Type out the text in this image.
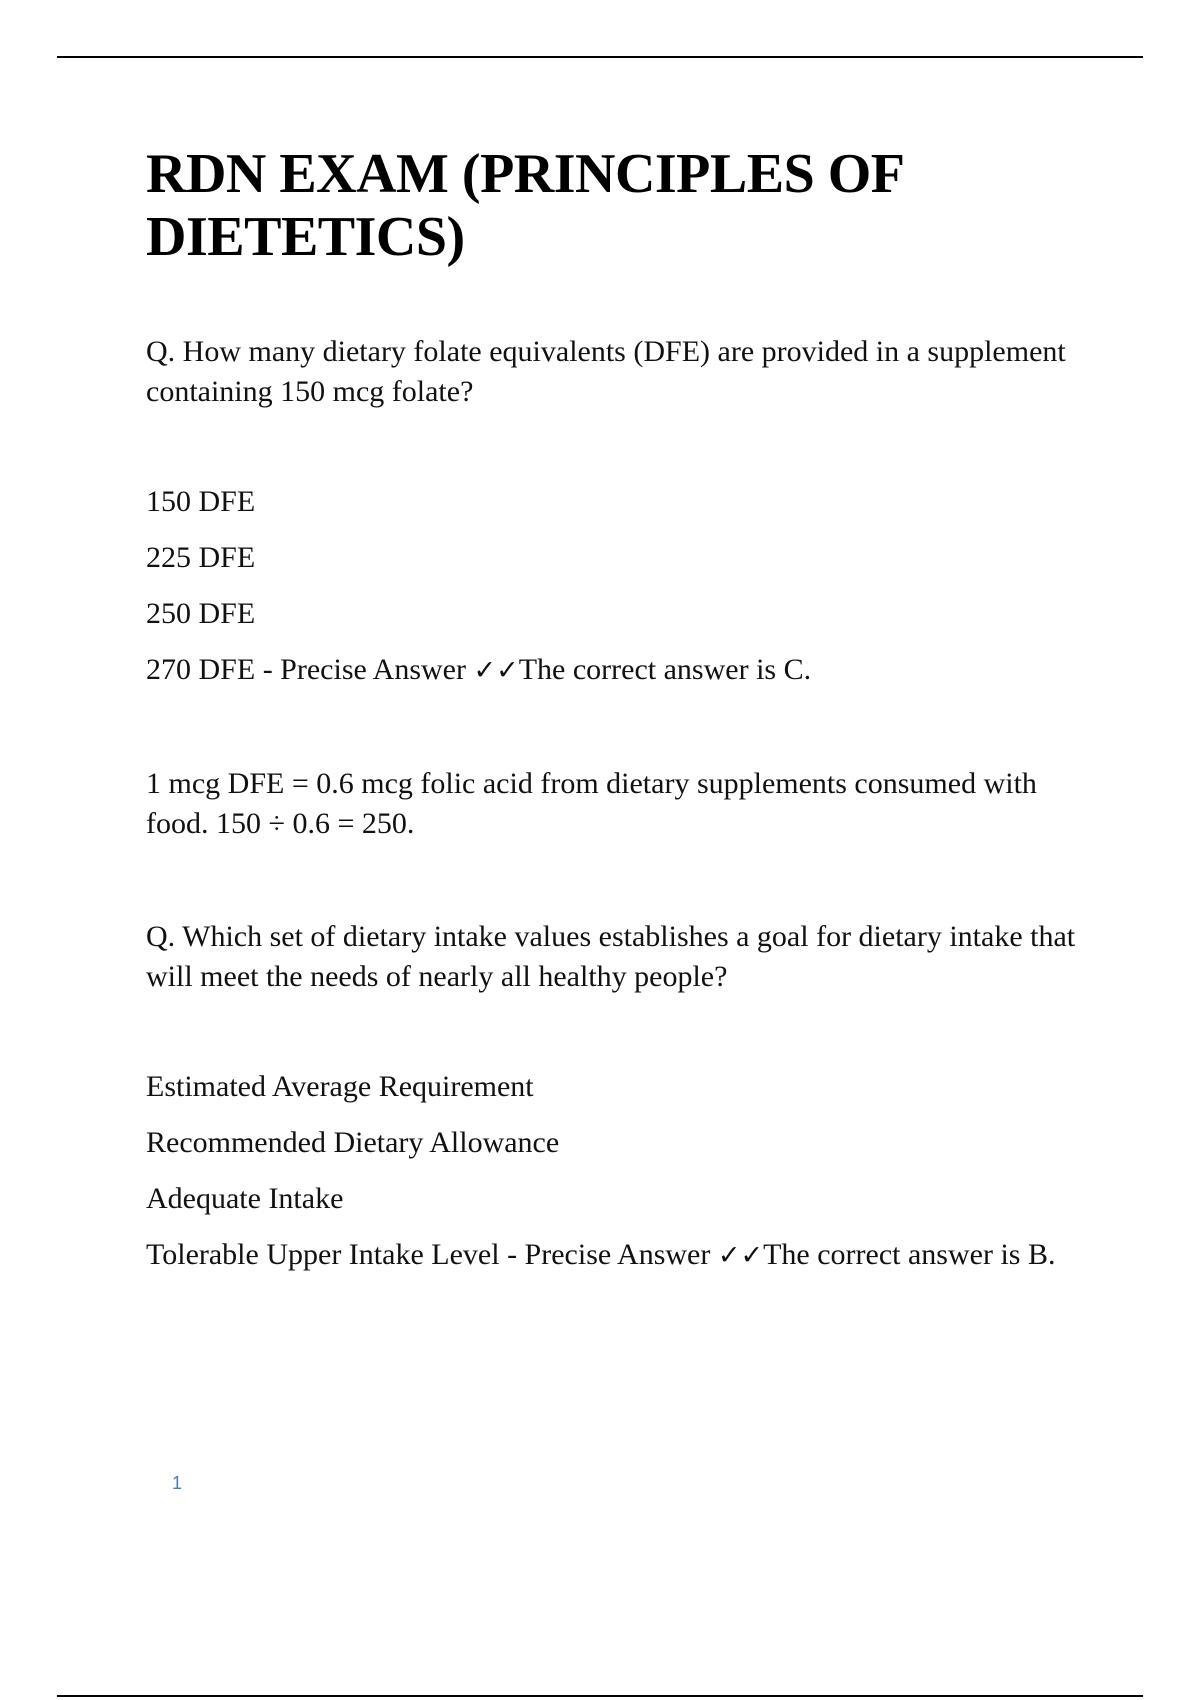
RDN EXAM (PRINCIPLES OF DIETETICS)

Q. How many dietary folate equivalents (DFE) are provided in a supplement containing 150 mcg folate?

150 DFE

225 DFE

250 DFE

270 DFE - Precise Answer ✓✓The correct answer is C.

1 mcg DFE = 0.6 mcg folic acid from dietary supplements consumed with food. 150 ÷ 0.6 = 250.

Q. Which set of dietary intake values establishes a goal for dietary intake that will meet the needs of nearly all healthy people?

Estimated Average Requirement

Recommended Dietary Allowance

Adequate Intake

Tolerable Upper Intake Level - Precise Answer ✓✓The correct answer is B.

1
